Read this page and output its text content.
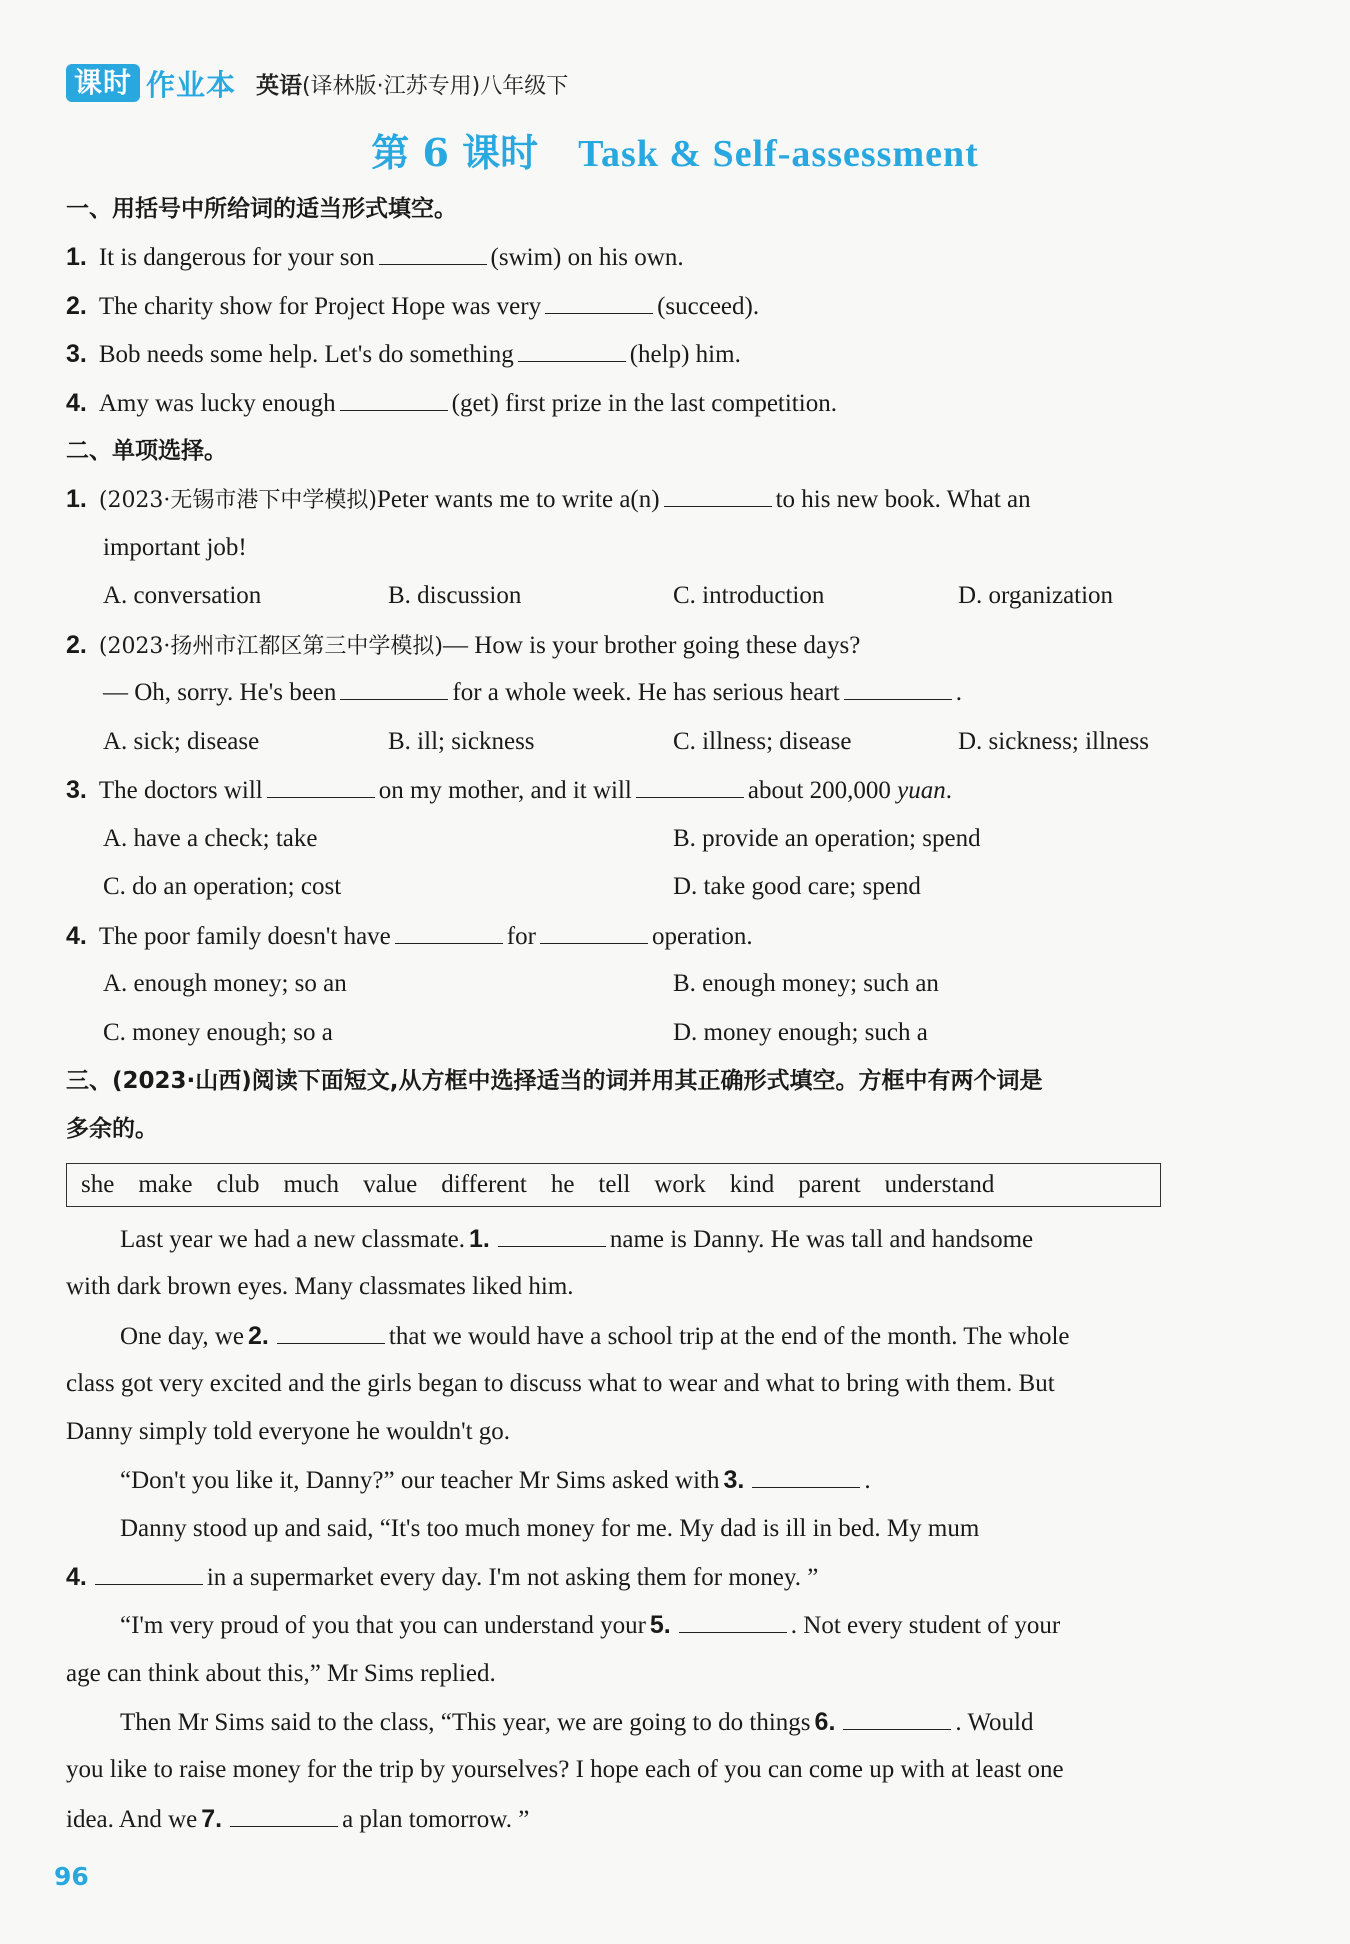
课时 作业本 英语(译林版·江苏专用)八年级下
第 6 课时 Task & Self-assessment
一、用括号中所给词的适当形式填空。
1. It is dangerous for your son	(swim) on his own.
2. The charity show for Project Hope was very	(succeed).
3. Bob needs some help. Let's do something	(help) him.
4. Amy was lucky enough	(get) first prize in the last competition.
二、单项选择。
1. (2023·无锡市港下中学模拟)Peter wants me to write a(n)	to his new book. What an
important job!
A. conversation	B. discussion	C. introduction	D. organization
2. (2023·扬州市江都区第三中学模拟)— How is your brother going these days?
— Oh, sorry. He's been	for a whole week. He has serious heart	.
A. sick; disease	B. ill; sickness	C. illness; disease	D. sickness; illness
3. The doctors will	on my mother, and it will	about 200,000 yuan.
A. have a check; take	B. provide an operation; spend
C. do an operation; cost	D. take good care; spend
4. The poor family doesn't have	for	operation.
A. enough money; so an	B. enough money; such an
C. money enough; so a	D. money enough; such a
三、(2023·山西)阅读下面短文,从方框中选择适当的词并用其正确形式填空。方框中有两个词是
多余的。
she make club much value different he tell work kind parent understand
Last year we had a new classmate. 1.	name is Danny. He was tall and handsome
with dark brown eyes. Many classmates liked him.
One day, we 2.	that we would have a school trip at the end of the month. The whole
class got very excited and the girls began to discuss what to wear and what to bring with them. But
Danny simply told everyone he wouldn't go.
“Don't you like it, Danny?” our teacher Mr Sims asked with 3.	.
Danny stood up and said, “It's too much money for me. My dad is ill in bed. My mum
4.	in a supermarket every day. I'm not asking them for money. ”
“I'm very proud of you that you can understand your 5.	. Not every student of your
age can think about this,” Mr Sims replied.
Then Mr Sims said to the class, “This year, we are going to do things 6.	. Would
you like to raise money for the trip by yourselves? I hope each of you can come up with at least one
idea. And we 7.	a plan tomorrow. ”
96
